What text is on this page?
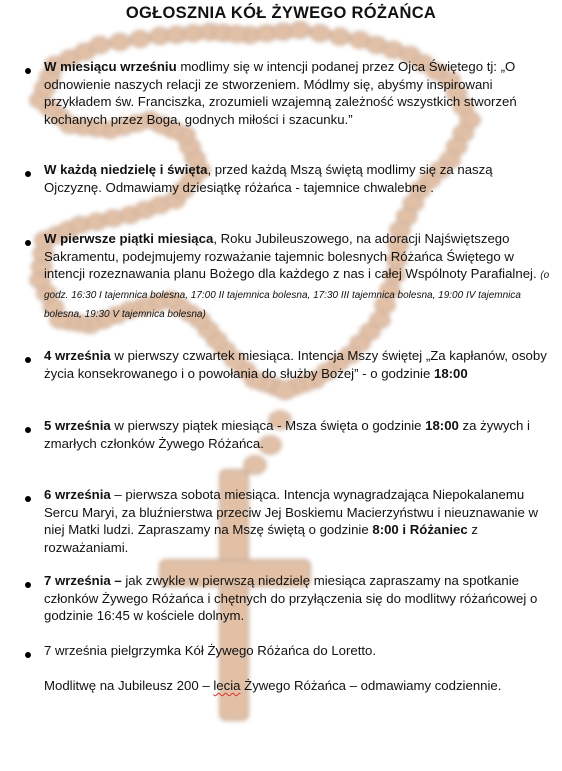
OGŁOSZNIA KÓŁ ŻYWEGO RÓŻAŃCA

W miesiącu wrześniu modlimy się w intencji podanej przez Ojca Świętego tj: „O odnowienie naszych relacji ze stworzeniem. Módlmy się, abyśmy inspirowani przykładem św. Franciszka, zrozumieli wzajemną zależność wszystkich stworzeń kochanych przez Boga, godnych miłości i szacunku.”

W każdą niedzielę i święta, przed każdą Mszą świętą modlimy się za naszą Ojczyznę. Odmawiamy dziesiątkę różańca - tajemnice chwalebne .

W pierwsze piątki miesiąca, Roku Jubileuszowego, na adoracji Najświętszego Sakramentu, podejmujemy rozważanie tajemnic bolesnych Różańca Świętego w intencji rozeznawania planu Bożego dla każdego z nas i całej Wspólnoty Parafialnej. (o godz. 16:30 I tajemnica bolesna, 17:00 II tajemnica bolesna, 17:30 III tajemnica bolesna, 19:00 IV tajemnica bolesna, 19:30 V tajemnica bolesna)

4 września w pierwszy czwartek miesiąca. Intencja Mszy świętej „Za kapłanów, osoby życia konsekrowanego i o powołania do służby Bożej” - o godzinie 18:00

5 września w pierwszy piątek miesiąca - Msza święta o godzinie 18:00 za żywych i zmarłych członków Żywego Różańca.

6 września – pierwsza sobota miesiąca. Intencja wynagradzająca Niepokalanemu Sercu Maryi, za bluźnierstwa przeciw Jej Boskiemu Macierzyństwu i nieuznawanie w niej Matki ludzi. Zapraszamy na Mszę świętą o godzinie 8:00 i Różaniec z rozważaniami.

7 września – jak zwykle w pierwszą niedzielę miesiąca zapraszamy na spotkanie członków Żywego Różańca i chętnych do przyłączenia się do modlitwy różańcowej o godzinie 16:45 w kościele dolnym.

7 września pielgrzymka Kół Żywego Różańca do Loretto.

Modlitwę na Jubileusz 200 – lecia Żywego Różańca – odmawiamy codziennie.
